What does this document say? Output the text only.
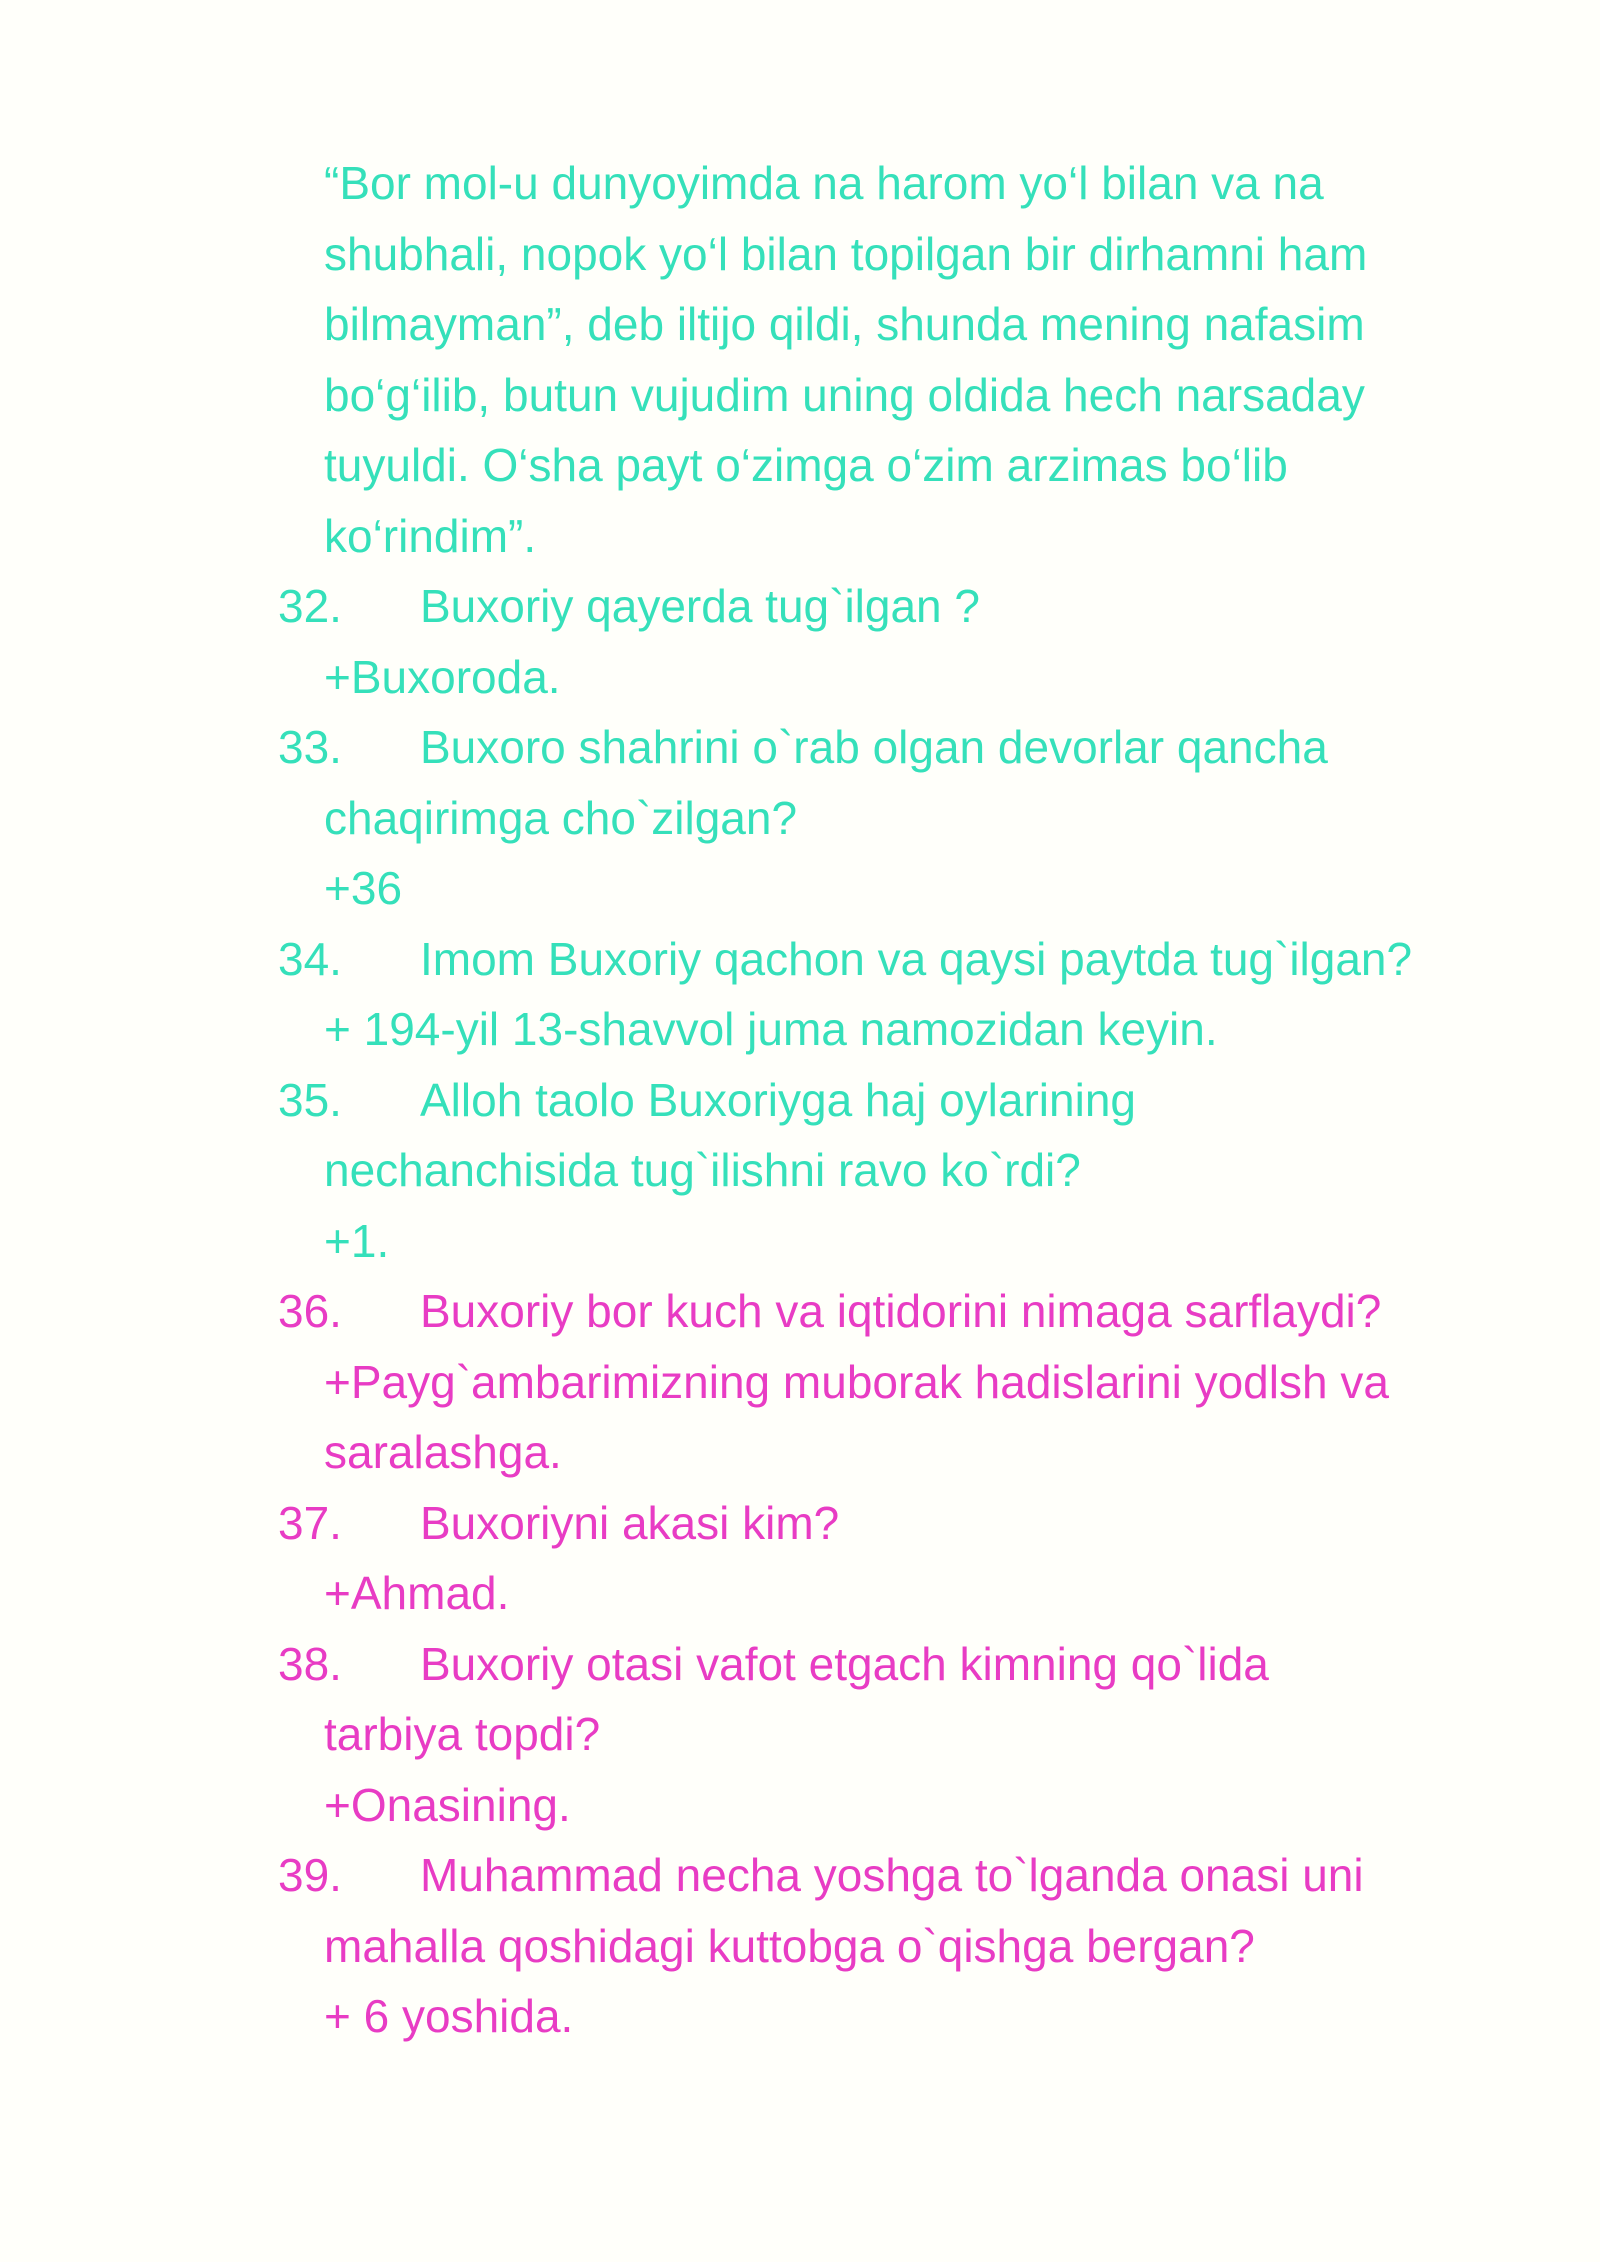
“Bor mol-u dunyoyimda na harom yo‘l bilan va na
shubhali, nopok yo‘l bilan topilgan bir dirhamni ham
bilmayman”, deb iltijo qildi, shunda mening nafasim
bo‘g‘ilib, butun vujudim uning oldida hech narsaday
tuyuldi. O‘sha payt o‘zimga o‘zim arzimas bo‘lib
ko‘rindim”.
32.	Buxoriy qayerda tug`ilgan ?
+Buxoroda.
33.	Buxoro shahrini o`rab olgan devorlar qancha
chaqirimga cho`zilgan?
+36
34.	Imom Buxoriy qachon va qaysi paytda tug`ilgan?
+ 194-yil 13-shavvol juma namozidan keyin.
35.	Alloh taolo Buxoriyga haj oylarining
nechanchisida tug`ilishni ravo ko`rdi?
+1.
36.	Buxoriy bor kuch va iqtidorini nimaga sarflaydi?
+Payg`ambarimizning muborak hadislarini yodlsh va
saralashga.
37.	Buxoriyni akasi kim?
+Ahmad.
38.	Buxoriy otasi vafot etgach kimning qo`lida
tarbiya topdi?
+Onasining.
39.	Muhammad necha yoshga to`lganda onasi uni
mahalla qoshidagi kuttobga o`qishga bergan?
+ 6 yoshida.
